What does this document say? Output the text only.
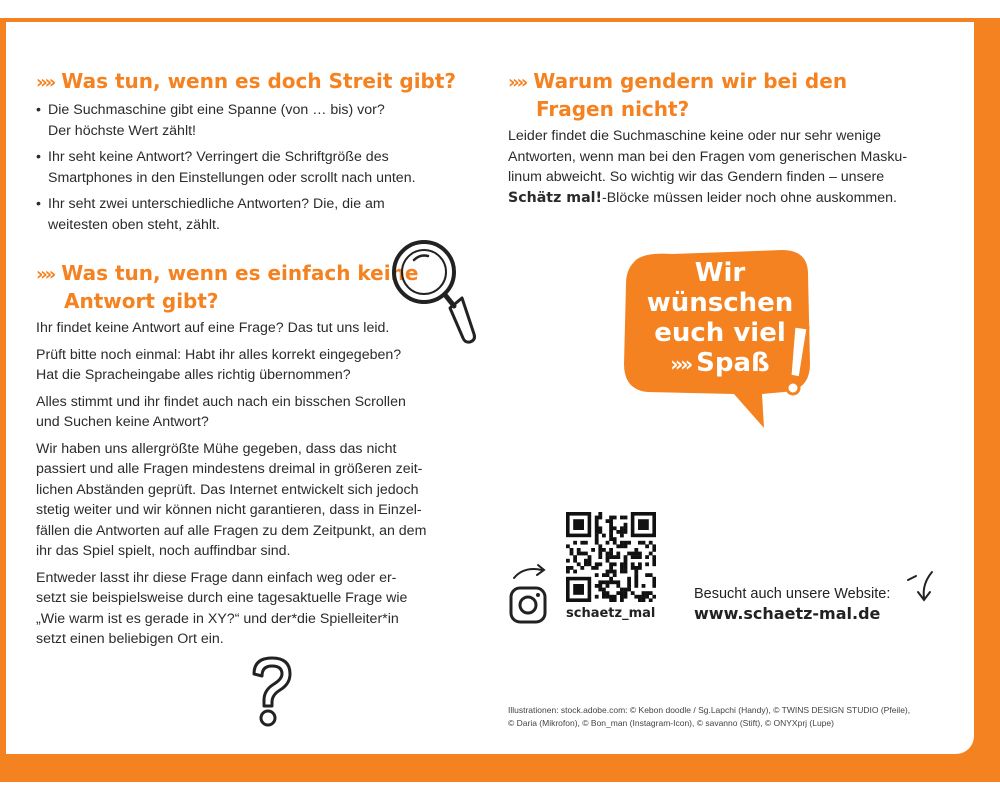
»» Was tun, wenn es doch Streit gibt?
• Die Suchmaschine gibt eine Spanne (von … bis) vor?
Der höchste Wert zählt!
• Ihr seht keine Antwort? Verringert die Schriftgröße des
Smartphones in den Einstellungen oder scrollt nach unten.
• Ihr seht zwei unterschiedliche Antworten? Die, die am
weitesten oben steht, zählt.
»» Was tun, wenn es einfach keine
Antwort gibt?

Ihr findet keine Antwort auf eine Frage? Das tut uns leid.

Prüft bitte noch einmal: Habt ihr alles korrekt eingegeben?
Hat die Spracheingabe alles richtig übernommen?

Alles stimmt und ihr findet auch nach ein bisschen Scrollen
und Suchen keine Antwort?

Wir haben uns allergrößte Mühe gegeben, dass das nicht
passiert und alle Fragen mindestens dreimal in größeren zeit-
lichen Abständen geprüft. Das Internet entwickelt sich jedoch
stetig weiter und wir können nicht garantieren, dass in Einzel-
fällen die Antworten auf alle Fragen zu dem Zeitpunkt, an dem
ihr das Spiel spielt, noch auffindbar sind.

Entweder lasst ihr diese Frage dann einfach weg oder er-
setzt sie beispielsweise durch eine tagesaktuelle Frage wie
„Wie warm ist es gerade in XY?“ und der*die Spielleiter*in
setzt einen beliebigen Ort ein.

»» Warum gendern wir bei den
Fragen nicht?
Leider findet die Suchmaschine keine oder nur sehr wenige
Antworten, wenn man bei den Fragen vom generischen Masku-
linum abweicht. So wichtig wir das Gendern finden – unsere
Schätz mal!-Blöcke müssen leider noch ohne auskommen.
Wir
wünschen
euch viel
»» Spaß
schaetz_mal
Besucht auch unsere Website:
www.schaetz-mal.de
Illustrationen: stock.adobe.com: © Kebon doodle / Sg.Lapchi (Handy), © TWINS DESIGN STUDIO (Pfeile),
© Daria (Mikrofon), © Bon_man (Instagram-Icon), © savanno (Stift), © ONYXprj (Lupe)
